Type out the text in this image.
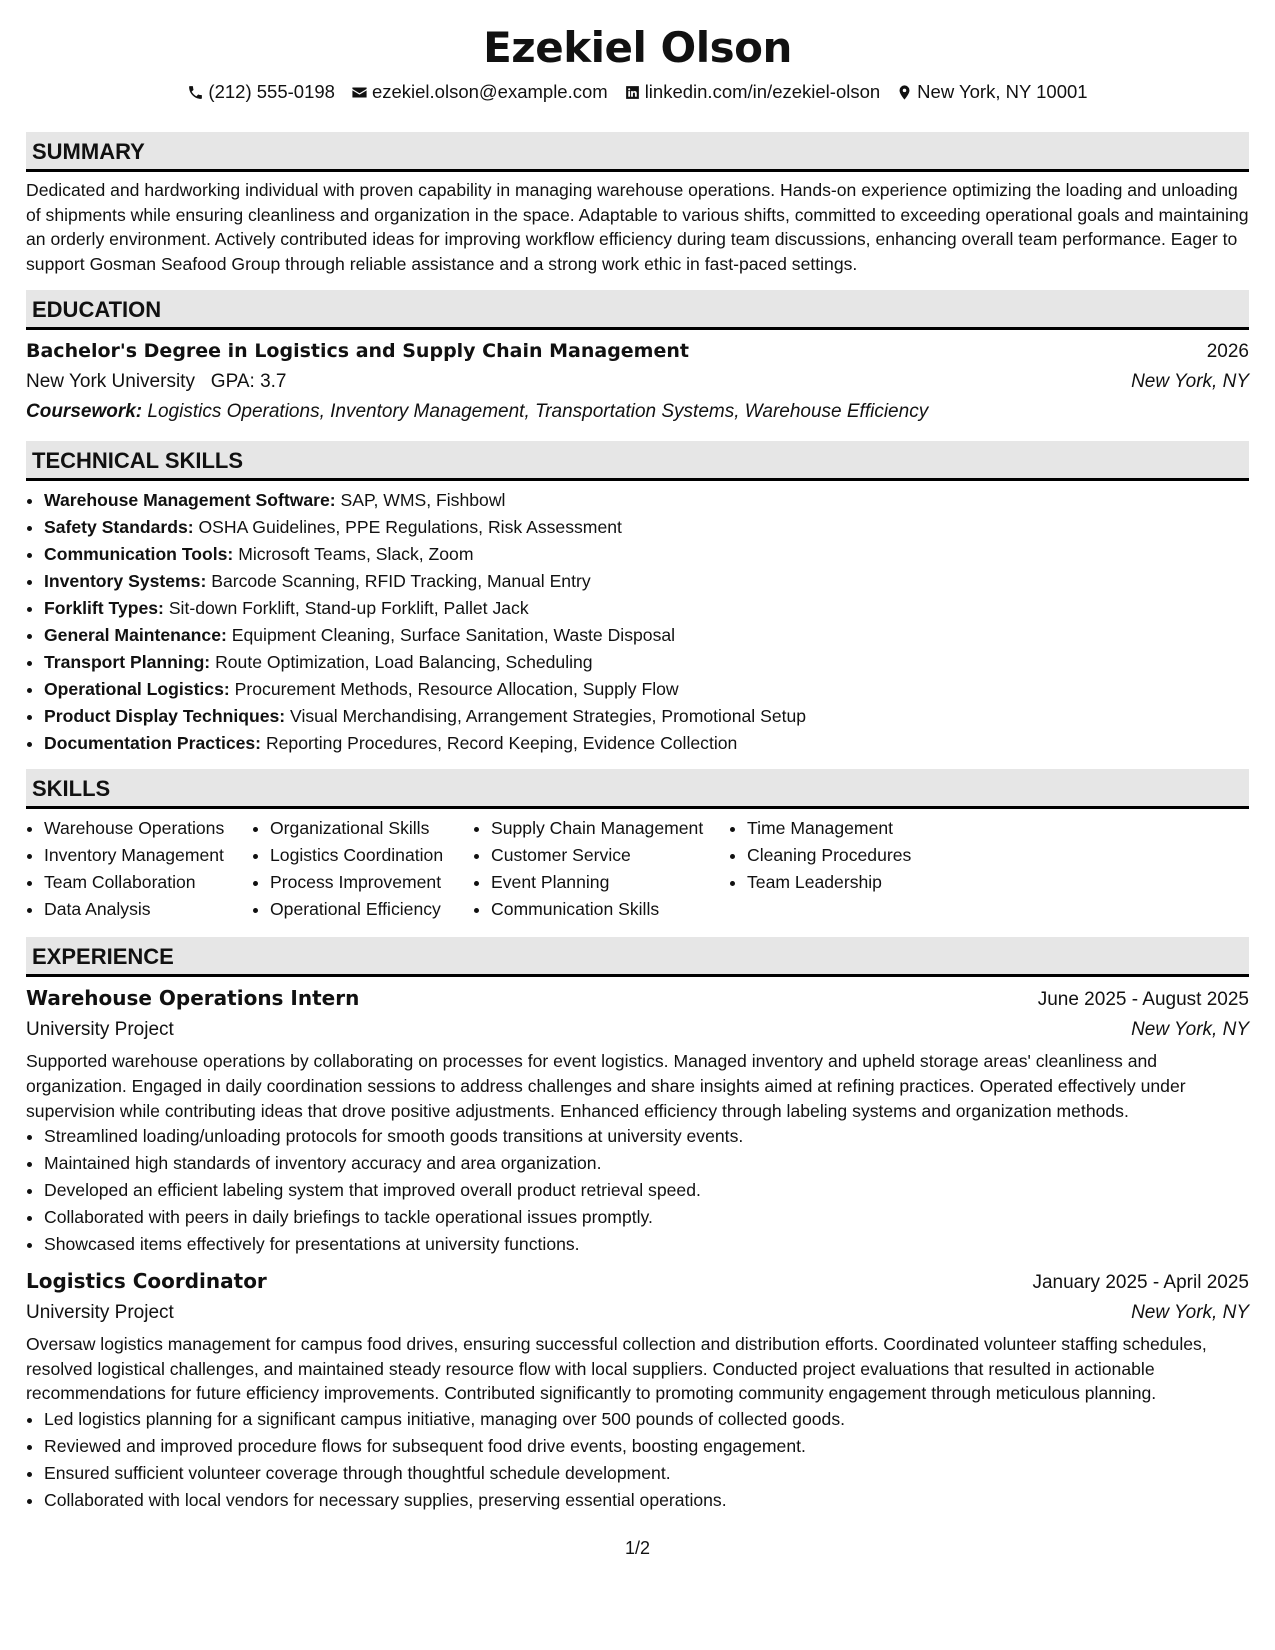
Ezekiel Olson
(212) 555-0198 ezekiel.olson@example.com linkedin.com/in/ezekiel-olson New York, NY 10001
SUMMARY

Dedicated and hardworking individual with proven capability in managing warehouse operations. Hands-on experience optimizing the loading and unloading of shipments while ensuring cleanliness and organization in the space. Adaptable to various shifts, committed to exceeding operational goals and maintaining an orderly environment. Actively contributed ideas for improving workflow efficiency during team discussions, enhancing overall team performance. Eager to support Gosman Seafood Group through reliable assistance and a strong work ethic in fast-paced settings.

EDUCATION
Bachelor's Degree in Logistics and Supply Chain Management	2026
New York University GPA: 3.7	New York, NY
Coursework: Logistics Operations, Inventory Management, Transportation Systems, Warehouse Efficiency
TECHNICAL SKILLS
• Warehouse Management Software: SAP, WMS, Fishbowl
• Safety Standards: OSHA Guidelines, PPE Regulations, Risk Assessment
• Communication Tools: Microsoft Teams, Slack, Zoom
• Inventory Systems: Barcode Scanning, RFID Tracking, Manual Entry
• Forklift Types: Sit-down Forklift, Stand-up Forklift, Pallet Jack
• General Maintenance: Equipment Cleaning, Surface Sanitation, Waste Disposal
• Transport Planning: Route Optimization, Load Balancing, Scheduling
• Operational Logistics: Procurement Methods, Resource Allocation, Supply Flow
• Product Display Techniques: Visual Merchandising, Arrangement Strategies, Promotional Setup
• Documentation Practices: Reporting Procedures, Record Keeping, Evidence Collection
SKILLS
• Warehouse Operations
• Inventory Management
• Team Collaboration
• Data Analysis
• Organizational Skills
• Logistics Coordination
• Process Improvement
• Operational Efficiency
• Supply Chain Management
• Customer Service
• Event Planning
• Communication Skills
• Time Management
• Cleaning Procedures
• Team Leadership
EXPERIENCE
Warehouse Operations Intern	June 2025 - August 2025
University Project	New York, NY

Supported warehouse operations by collaborating on processes for event logistics. Managed inventory and upheld storage areas' cleanliness and organization. Engaged in daily coordination sessions to address challenges and share insights aimed at refining practices. Operated effectively under supervision while contributing ideas that drove positive adjustments. Enhanced efficiency through labeling systems and organization methods.

• Streamlined loading/unloading protocols for smooth goods transitions at university events.
• Maintained high standards of inventory accuracy and area organization.
• Developed an efficient labeling system that improved overall product retrieval speed.
• Collaborated with peers in daily briefings to tackle operational issues promptly.
• Showcased items effectively for presentations at university functions.
Logistics Coordinator	January 2025 - April 2025
University Project	New York, NY

Oversaw logistics management for campus food drives, ensuring successful collection and distribution efforts. Coordinated volunteer staffing schedules, resolved logistical challenges, and maintained steady resource flow with local suppliers. Conducted project evaluations that resulted in actionable recommendations for future efficiency improvements. Contributed significantly to promoting community engagement through meticulous planning.

• Led logistics planning for a significant campus initiative, managing over 500 pounds of collected goods.
• Reviewed and improved procedure flows for subsequent food drive events, boosting engagement.
• Ensured sufficient volunteer coverage through thoughtful schedule development.
• Collaborated with local vendors for necessary supplies, preserving essential operations.
1/2
